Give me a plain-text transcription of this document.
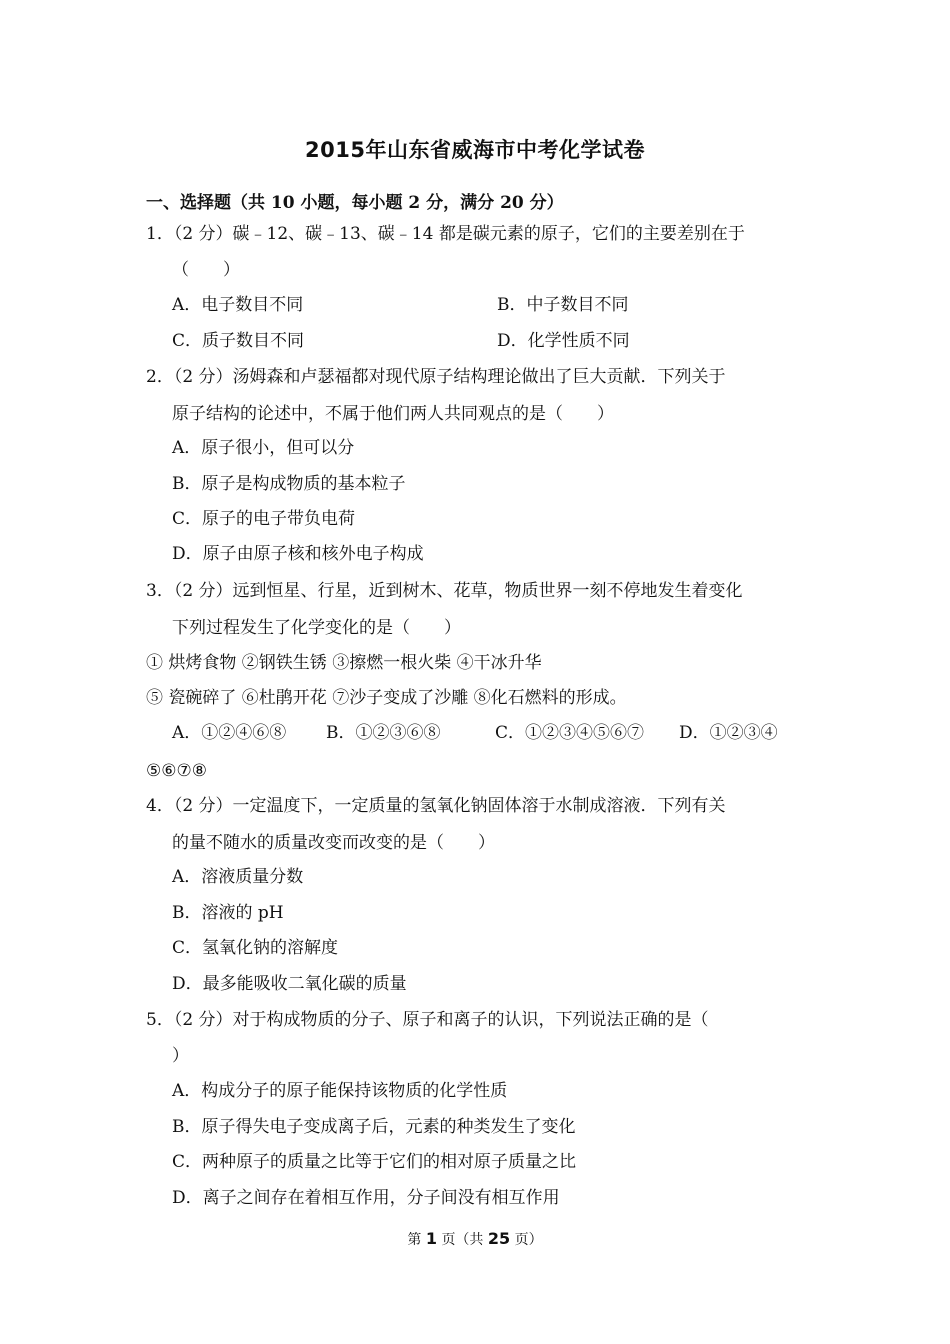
2015年山东省威海市中考化学试卷
一、选择题（共 10 小题，每小题 2 分，满分 20 分）
1．（2 分）碳﹣12、碳﹣13、碳﹣14 都是碳元素的原子，它们的主要差别在于
（　　）
A．电子数目不同	B．中子数目不同
C．质子数目不同	D．化学性质不同
2．（2 分）汤姆森和卢瑟福都对现代原子结构理论做出了巨大贡献．下列关于
原子结构的论述中，不属于他们两人共同观点的是（　　）
A．原子很小，但可以分
B．原子是构成物质的基本粒子
C．原子的电子带负电荷
D．原子由原子核和核外电子构成
3．（2 分）远到恒星、行星，近到树木、花草，物质世界一刻不停地发生着变化
下列过程发生了化学变化的是（　　）
① 烘烤食物 ②钢铁生锈 ③擦燃一根火柴 ④干冰升华
⑤ 瓷碗碎了 ⑥杜鹃开花 ⑦沙子变成了沙雕 ⑧化石燃料的形成。
A．①②④⑥⑧ B．①②③⑥⑧	C．①②③④⑤⑥⑦ D．①②③④
⑤⑥⑦⑧
4．（2 分）一定温度下，一定质量的氢氧化钠固体溶于水制成溶液．下列有关
的量不随水的质量改变而改变的是（　　）
A．溶液质量分数
B．溶液的 pH
C．氢氧化钠的溶解度
D．最多能吸收二氧化碳的质量
5．（2 分）对于构成物质的分子、原子和离子的认识，下列说法正确的是（
）
A．构成分子的原子能保持该物质的化学性质
B．原子得失电子变成离子后，元素的种类发生了变化
C．两种原子的质量之比等于它们的相对原子质量之比
D．离子之间存在着相互作用，分子间没有相互作用
第 1 页（共 25 页）
